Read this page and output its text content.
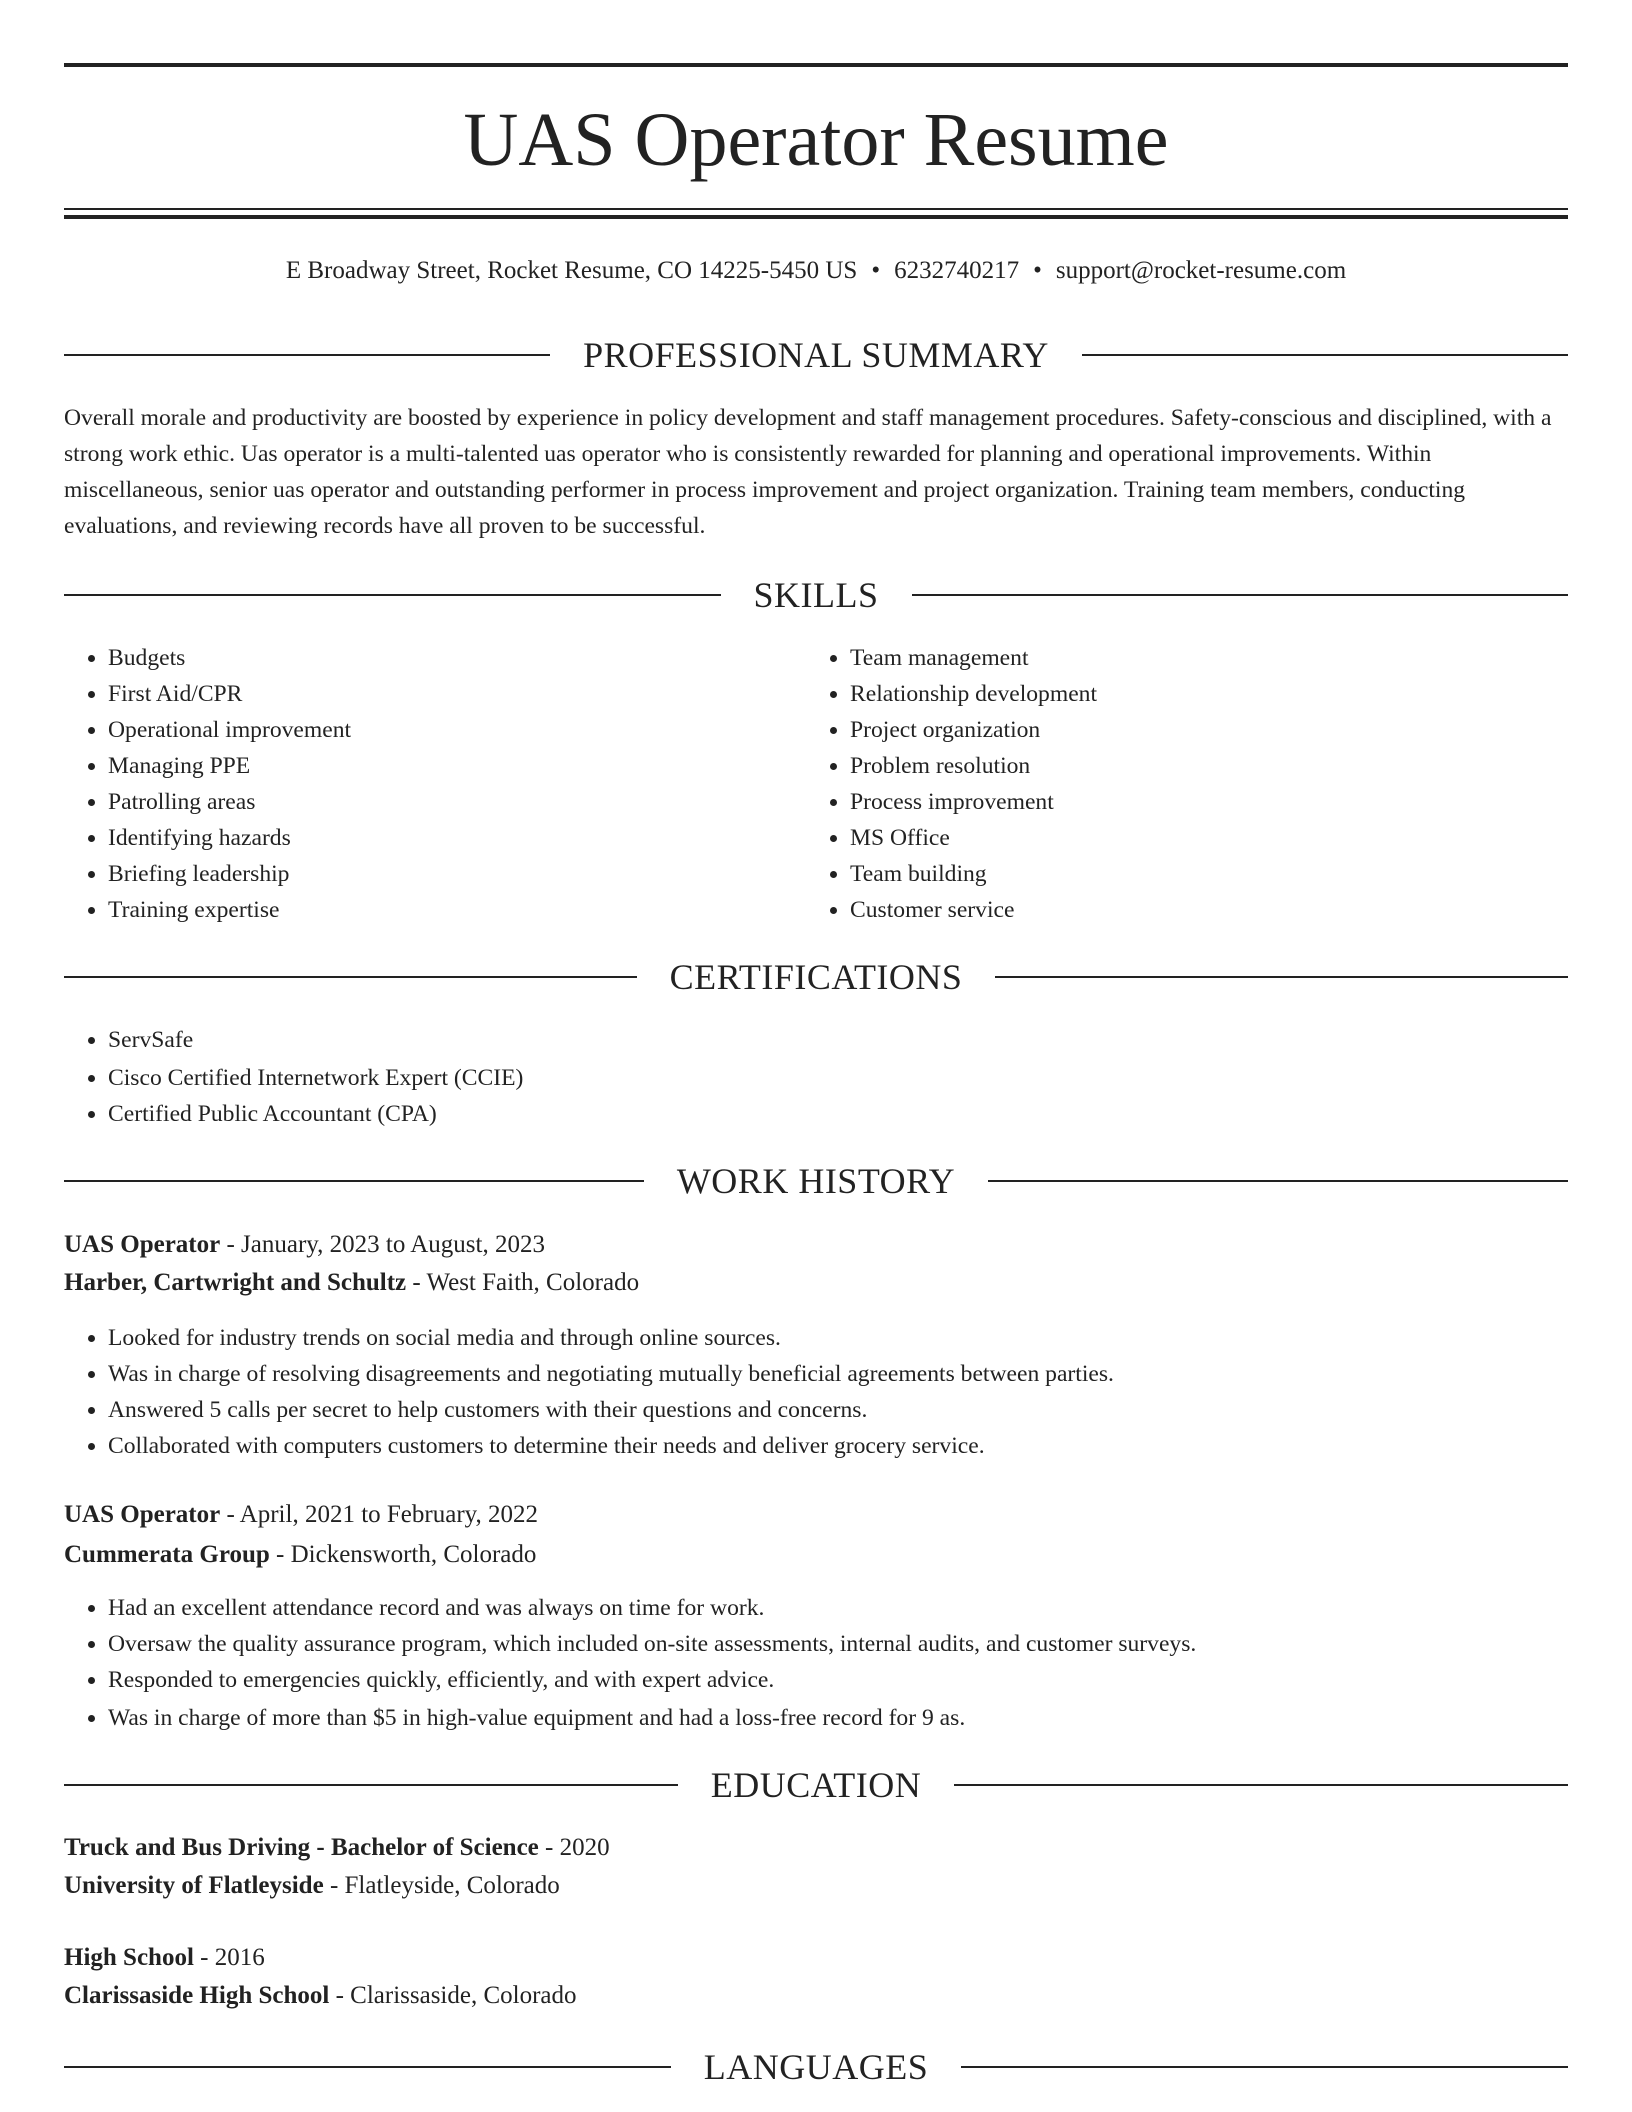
UAS Operator Resume
E Broadway Street, Rocket Resume, CO 14225-5450 US • 6232740217 • support@rocket-resume.com
PROFESSIONAL SUMMARY

Overall morale and productivity are boosted by experience in policy development and staff management procedures. Safety-conscious and disciplined, with a strong work ethic. Uas operator is a multi-talented uas operator who is consistently rewarded for planning and operational improvements. Within miscellaneous, senior uas operator and outstanding performer in process improvement and project organization. Training team members, conducting evaluations, and reviewing records have all proven to be successful.

SKILLS
• Budgets
• First Aid/CPR
• Operational improvement
• Managing PPE
• Patrolling areas
• Identifying hazards
• Briefing leadership
• Training expertise
• Team management
• Relationship development
• Project organization
• Problem resolution
• Process improvement
• MS Office
• Team building
• Customer service
CERTIFICATIONS
• ServSafe
• Cisco Certified Internetwork Expert (CCIE)
• Certified Public Accountant (CPA)
WORK HISTORY
UAS Operator - January, 2023 to August, 2023
Harber, Cartwright and Schultz - West Faith, Colorado
• Looked for industry trends on social media and through online sources.
• Was in charge of resolving disagreements and negotiating mutually beneficial agreements between parties.
• Answered 5 calls per secret to help customers with their questions and concerns.
• Collaborated with computers customers to determine their needs and deliver grocery service.
UAS Operator - April, 2021 to February, 2022
Cummerata Group - Dickensworth, Colorado
• Had an excellent attendance record and was always on time for work.
• Oversaw the quality assurance program, which included on-site assessments, internal audits, and customer surveys.
• Responded to emergencies quickly, efficiently, and with expert advice.
• Was in charge of more than $5 in high-value equipment and had a loss-free record for 9 as.
EDUCATION
Truck and Bus Driving - Bachelor of Science - 2020
University of Flatleyside - Flatleyside, Colorado
High School - 2016
Clarissaside High School - Clarissaside, Colorado
LANGUAGES
